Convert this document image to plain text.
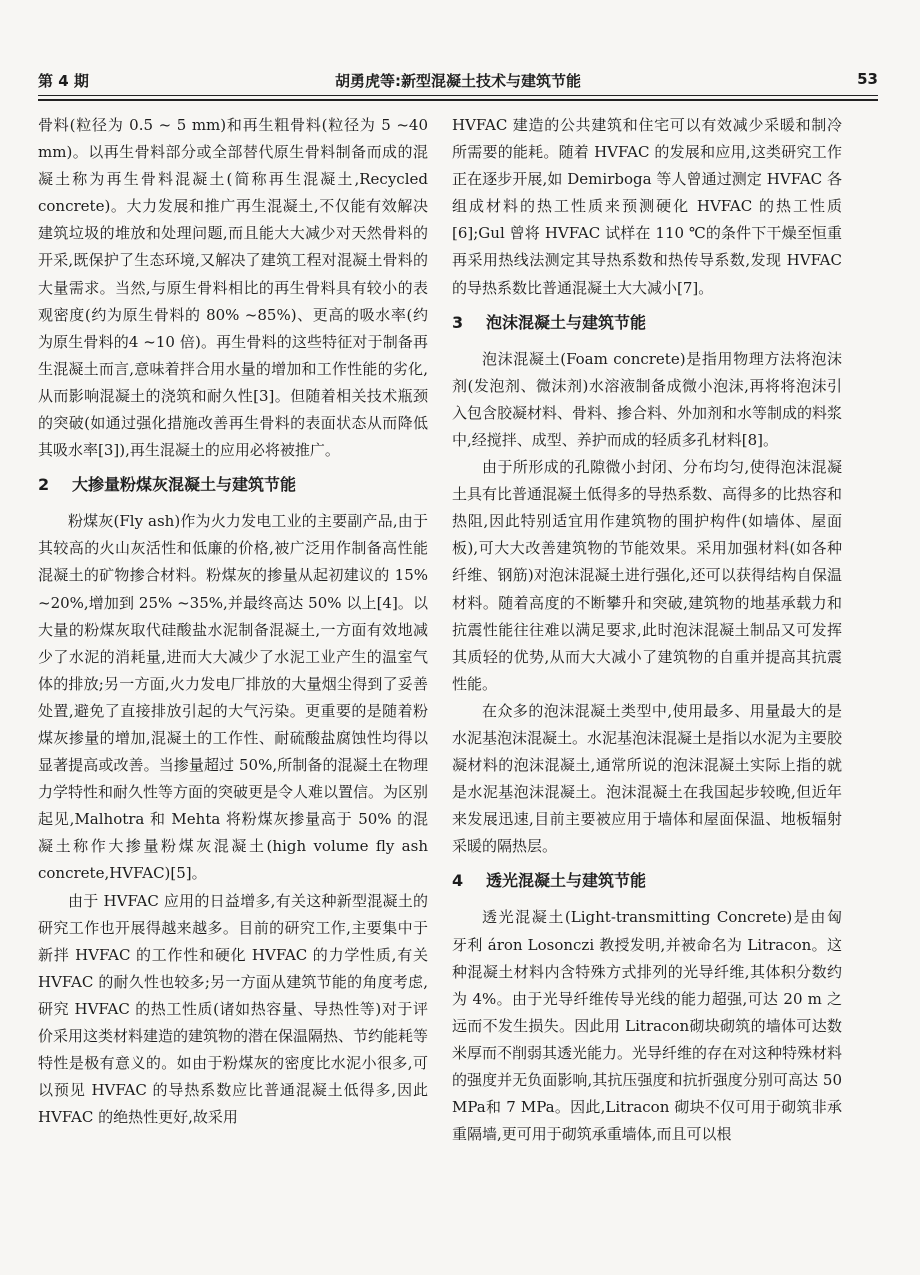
第 4 期	胡勇虎等:新型混凝土技术与建筑节能	53

骨料(粒径为 0.5 ~ 5 mm)和再生粗骨料(粒径为 5 ~40 mm)。以再生骨料部分或全部替代原生骨料制备而成的混凝土称为再生骨料混凝土(简称再生混凝土,Recycled concrete)。大力发展和推广再生混凝土,不仅能有效解决建筑垃圾的堆放和处理问题,而且能大大减少对天然骨料的开采,既保护了生态环境,又解决了建筑工程对混凝土骨料的大量需求。当然,与原生骨料相比的再生骨料具有较小的表观密度(约为原生骨料的 80% ~85%)、更高的吸水率(约为原生骨料的4 ~10 倍)。再生骨料的这些特征对于制备再生混凝土而言,意味着拌合用水量的增加和工作性能的劣化,从而影响混凝土的浇筑和耐久性[3]。但随着相关技术瓶颈的突破(如通过强化措施改善再生骨料的表面状态从而降低其吸水率[3]),再生混凝土的应用必将被推广。

2 大掺量粉煤灰混凝土与建筑节能

粉煤灰(Fly ash)作为火力发电工业的主要副产品,由于其较高的火山灰活性和低廉的价格,被广泛用作制备高性能混凝土的矿物掺合材料。粉煤灰的掺量从起初建议的 15% ~20%,增加到 25% ~35%,并最终高达 50% 以上[4]。以大量的粉煤灰取代硅酸盐水泥制备混凝土,一方面有效地减少了水泥的消耗量,进而大大减少了水泥工业产生的温室气体的排放;另一方面,火力发电厂排放的大量烟尘得到了妥善处置,避免了直接排放引起的大气污染。更重要的是随着粉煤灰掺量的增加,混凝土的工作性、耐硫酸盐腐蚀性均得以显著提高或改善。当掺量超过 50%,所制备的混凝土在物理力学特性和耐久性等方面的突破更是令人难以置信。为区别起见,Malhotra 和 Mehta 将粉煤灰掺量高于 50% 的混凝土称作大掺量粉煤灰混凝土(high volume fly ash concrete,HVFAC)[5]。

由于 HVFAC 应用的日益增多,有关这种新型混凝土的研究工作也开展得越来越多。目前的研究工作,主要集中于新拌 HVFAC 的工作性和硬化 HVFAC 的力学性质,有关 HVFAC 的耐久性也较多;另一方面从建筑节能的角度考虑,研究 HVFAC 的热工性质(诸如热容量、导热性等)对于评价采用这类材料建造的建筑物的潜在保温隔热、节约能耗等特性是极有意义的。如由于粉煤灰的密度比水泥小很多,可以预见 HVFAC 的导热系数应比普通混凝土低得多,因此 HVFAC 的绝热性更好,故采用

HVFAC 建造的公共建筑和住宅可以有效减少采暖和制冷所需要的能耗。随着 HVFAC 的发展和应用,这类研究工作正在逐步开展,如 Demirboga 等人曾通过测定 HVFAC 各组成材料的热工性质来预测硬化 HVFAC 的热工性质[6];Gul 曾将 HVFAC 试样在 110 ℃的条件下干燥至恒重再采用热线法测定其导热系数和热传导系数,发现 HVFAC 的导热系数比普通混凝土大大减小[7]。

3 泡沫混凝土与建筑节能

泡沫混凝土(Foam concrete)是指用物理方法将泡沫剂(发泡剂、微沫剂)水溶液制备成微小泡沫,再将将泡沫引入包含胶凝材料、骨料、掺合料、外加剂和水等制成的料浆中,经搅拌、成型、养护而成的轻质多孔材料[8]。

由于所形成的孔隙微小封闭、分布均匀,使得泡沫混凝土具有比普通混凝土低得多的导热系数、高得多的比热容和热阻,因此特别适宜用作建筑物的围护构件(如墙体、屋面板),可大大改善建筑物的节能效果。采用加强材料(如各种纤维、钢筋)对泡沫混凝土进行强化,还可以获得结构自保温材料。随着高度的不断攀升和突破,建筑物的地基承载力和抗震性能往往难以满足要求,此时泡沫混凝土制品又可发挥其质轻的优势,从而大大减小了建筑物的自重并提高其抗震性能。

在众多的泡沫混凝土类型中,使用最多、用量最大的是水泥基泡沫混凝土。水泥基泡沫混凝土是指以水泥为主要胶凝材料的泡沫混凝土,通常所说的泡沫混凝土实际上指的就是水泥基泡沫混凝土。泡沫混凝土在我国起步较晚,但近年来发展迅速,目前主要被应用于墙体和屋面保温、地板辐射采暖的隔热层。

4 透光混凝土与建筑节能

透光混凝土(Light-transmitting Concrete)是由匈牙利 áron Losonczi 教授发明,并被命名为 Litracon。这种混凝土材料内含特殊方式排列的光导纤维,其体积分数约为 4%。由于光导纤维传导光线的能力超强,可达 20 m 之远而不发生损失。因此用 Litracon砌块砌筑的墙体可达数米厚而不削弱其透光能力。光导纤维的存在对这种特殊材料的强度并无负面影响,其抗压强度和抗折强度分别可高达 50 MPa和 7 MPa。因此,Litracon 砌块不仅可用于砌筑非承重隔墙,更可用于砌筑承重墙体,而且可以根
